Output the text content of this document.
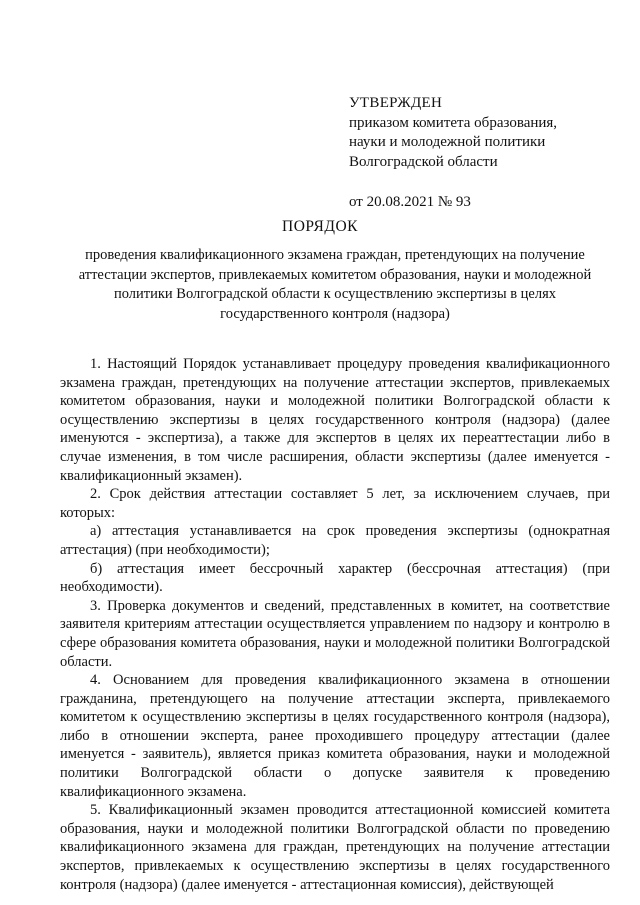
УТВЕРЖДЕН
приказом комитета образования,
науки и молодежной политики
Волгоградской области
от 20.08.2021 № 93
ПОРЯДОК
проведения квалификационного экзамена граждан, претендующих на получение аттестации экспертов, привлекаемых комитетом образования, науки и молодежной политики Волгоградской области к осуществлению экспертизы в целях государственного контроля (надзора)

1. Настоящий Порядок устанавливает процедуру проведения квалификационного экзамена граждан, претендующих на получение аттестации экспертов, привлекаемых комитетом образования, науки и молодежной политики Волгоградской области к осуществлению экспертизы в целях государственного контроля (надзора) (далее именуются - экспертиза), а также для экспертов в целях их переаттестации либо в случае изменения, в том числе расширения, области экспертизы (далее именуется - квалификационный экзамен).

2. Срок действия аттестации составляет 5 лет, за исключением случаев, при которых:

а) аттестация устанавливается на срок проведения экспертизы (однократная аттестация) (при необходимости);

б) аттестация имеет бессрочный характер (бессрочная аттестация) (при необходимости).

3. Проверка документов и сведений, представленных в комитет, на соответствие заявителя критериям аттестации осуществляется управлением по надзору и контролю в сфере образования комитета образования, науки и молодежной политики Волгоградской области.

4. Основанием для проведения квалификационного экзамена в отношении гражданина, претендующего на получение аттестации эксперта, привлекаемого комитетом к осуществлению экспертизы в целях государственного контроля (надзора), либо в отношении эксперта, ранее проходившего процедуру аттестации (далее именуется - заявитель), является приказ комитета образования, науки и молодежной политики Волгоградской области о допуске заявителя к проведению квалификационного экзамена.

5. Квалификационный экзамен проводится аттестационной комиссией комитета образования, науки и молодежной политики Волгоградской области по проведению квалификационного экзамена для граждан, претендующих на получение аттестации экспертов, привлекаемых к осуществлению экспертизы в целях государственного контроля (надзора) (далее именуется - аттестационная комиссия), действующей
